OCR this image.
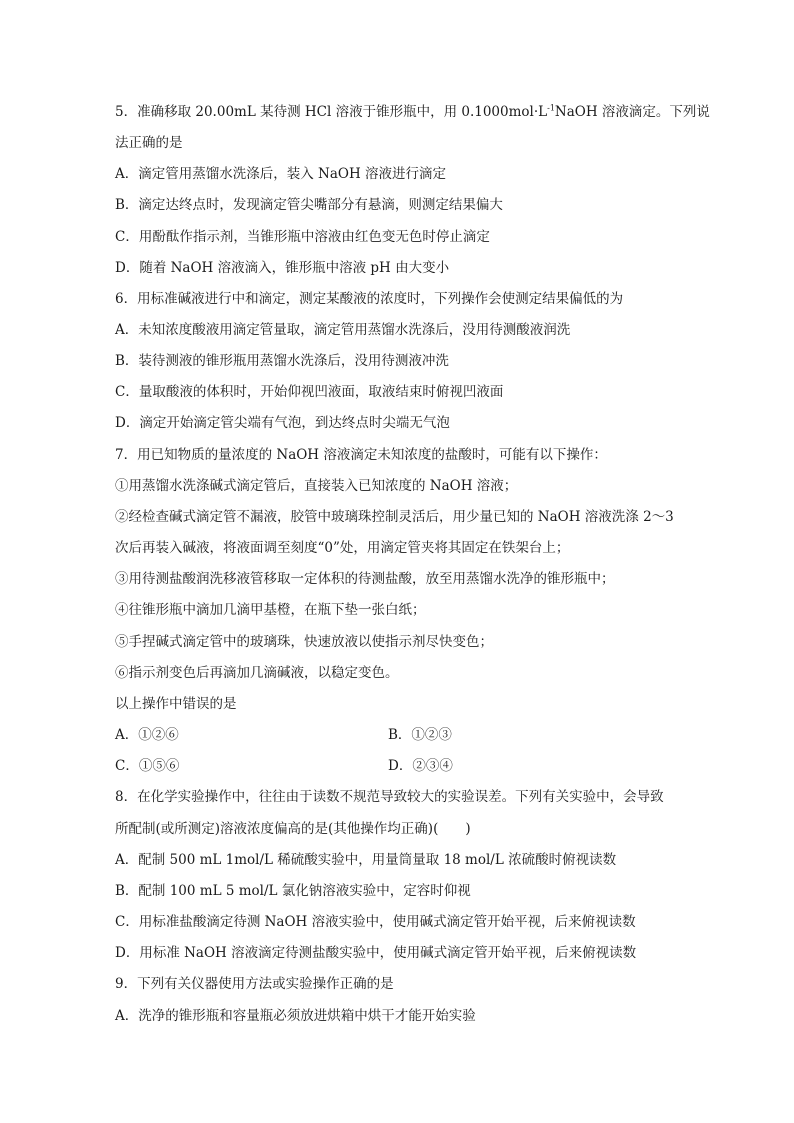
5．准确移取 20.00mL 某待测 HCl 溶液于锥形瓶中，用 $0.1000mol\cdot L^{-1}NaOH$ 溶液滴定。下列说
法正确的是
A．滴定管用蒸馏水洗涤后，装入 NaOH 溶液进行滴定
B．滴定达终点时，发现滴定管尖嘴部分有悬滴，则测定结果偏大
C．用酚酞作指示剂，当锥形瓶中溶液由红色变无色时停止滴定
D．随着 NaOH 溶液滴入，锥形瓶中溶液 pH 由大变小
6．用标准碱液进行中和滴定，测定某酸液的浓度时，下列操作会使测定结果偏低的为
A．未知浓度酸液用滴定管量取，滴定管用蒸馏水洗涤后，没用待测酸液润洗
B．装待测液的锥形瓶用蒸馏水洗涤后，没用待测液冲洗
C．量取酸液的体积时，开始仰视凹液面，取液结束时俯视凹液面
D．滴定开始滴定管尖端有气泡，到达终点时尖端无气泡
7．用已知物质的量浓度的 NaOH 溶液滴定未知浓度的盐酸时，可能有以下操作：
①用蒸馏水洗涤碱式滴定管后，直接装入已知浓度的 NaOH 溶液；
②经检查碱式滴定管不漏液，胶管中玻璃珠控制灵活后，用少量已知的 NaOH 溶液洗涤 2～3
次后再装入碱液，将液面调至刻度“0”处，用滴定管夹将其固定在铁架台上；
③用待测盐酸润洗移液管移取一定体积的待测盐酸，放至用蒸馏水洗净的锥形瓶中；
④往锥形瓶中滴加几滴甲基橙，在瓶下垫一张白纸；
⑤手捏碱式滴定管中的玻璃珠，快速放液以使指示剂尽快变色；
⑥指示剂变色后再滴加几滴碱液，以稳定变色。
以上操作中错误的是
A．①②⑥	B．①②③
C．①⑤⑥	D．②③④
8．在化学实验操作中，往往由于读数不规范导致较大的实验误差。下列有关实验中，会导致
所配制(或所测定)溶液浓度偏高的是(其他操作均正确)(　　)
A．配制 500 mL 1mol/L 稀硫酸实验中，用量筒量取 18 mol/L 浓硫酸时俯视读数
B．配制 100 mL 5 mol/L 氯化钠溶液实验中，定容时仰视
C．用标准盐酸滴定待测 NaOH 溶液实验中，使用碱式滴定管开始平视，后来俯视读数
D．用标准 NaOH 溶液滴定待测盐酸实验中，使用碱式滴定管开始平视，后来俯视读数
9．下列有关仪器使用方法或实验操作正确的是
A．洗净的锥形瓶和容量瓶必须放进烘箱中烘干才能开始实验
